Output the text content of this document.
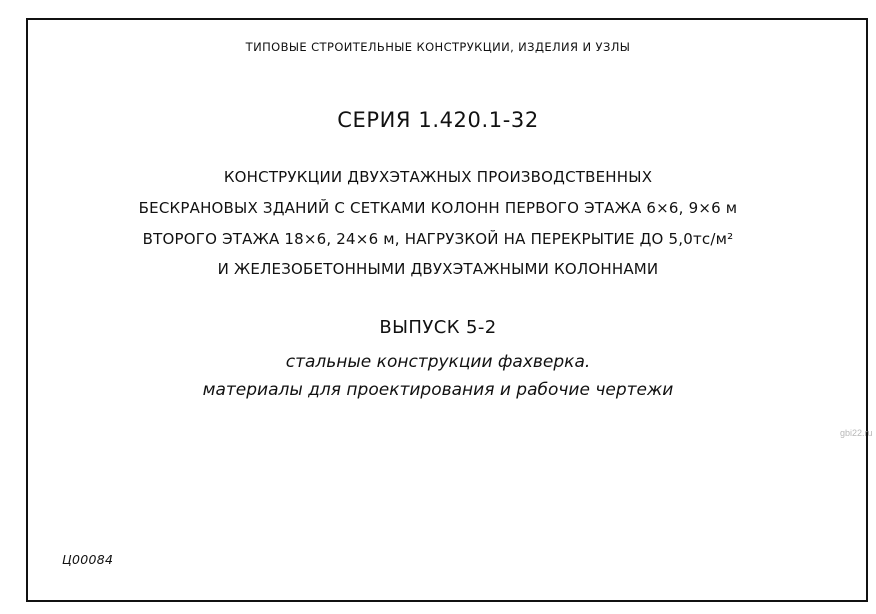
ТИПОВЫЕ СТРОИТЕЛЬНЫЕ КОНСТРУКЦИИ, ИЗДЕЛИЯ И УЗЛЫ
СЕРИЯ 1.420.1-32
КОНСТРУКЦИИ ДВУХЭТАЖНЫХ ПРОИЗВОДСТВЕННЫХ
БЕСКРАНОВЫХ ЗДАНИЙ С СЕТКАМИ КОЛОНН ПЕРВОГО ЭТАЖА 6×6, 9×6 м
ВТОРОГО ЭТАЖА 18×6, 24×6 м, НАГРУЗКОЙ НА ПЕРЕКРЫТИЕ ДО 5,0тс/м²
И ЖЕЛЕЗОБЕТОННЫМИ ДВУХЭТАЖНЫМИ КОЛОННАМИ
ВЫПУСК 5-2
стальные конструкции фахверка.
материалы для проектирования и рабочие чертежи
gbi22.ru
Ц00084
